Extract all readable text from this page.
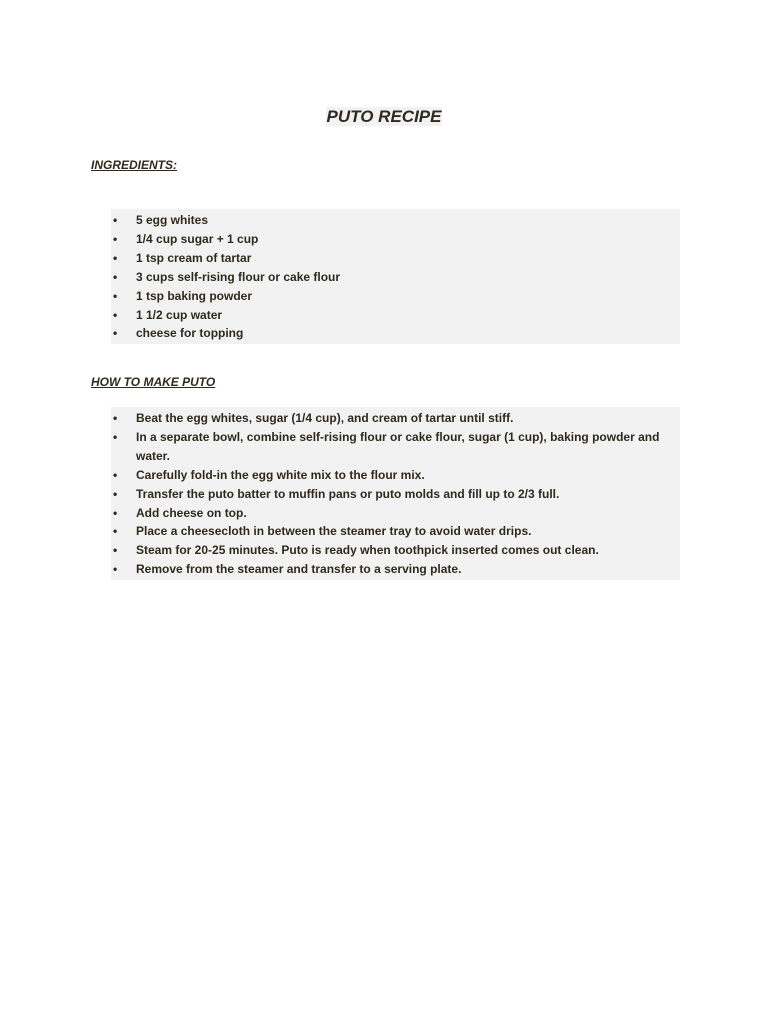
PUTO RECIPE
INGREDIENTS:
• 5 egg whites
• 1/4 cup sugar + 1 cup
• 1 tsp cream of tartar
• 3 cups self-rising flour or cake flour
• 1 tsp baking powder
• 1 1/2 cup water
• cheese for topping
HOW TO MAKE PUTO
• Beat the egg whites, sugar (1/4 cup), and cream of tartar until stiff.
• In a separate bowl, combine self-rising flour or cake flour, sugar (1 cup), baking powder and water.
• Carefully fold-in the egg white mix to the flour mix.
• Transfer the puto batter to muffin pans or puto molds and fill up to 2/3 full.
• Add cheese on top.
• Place a cheesecloth in between the steamer tray to avoid water drips.
• Steam for 20-25 minutes. Puto is ready when toothpick inserted comes out clean.
• Remove from the steamer and transfer to a serving plate.
